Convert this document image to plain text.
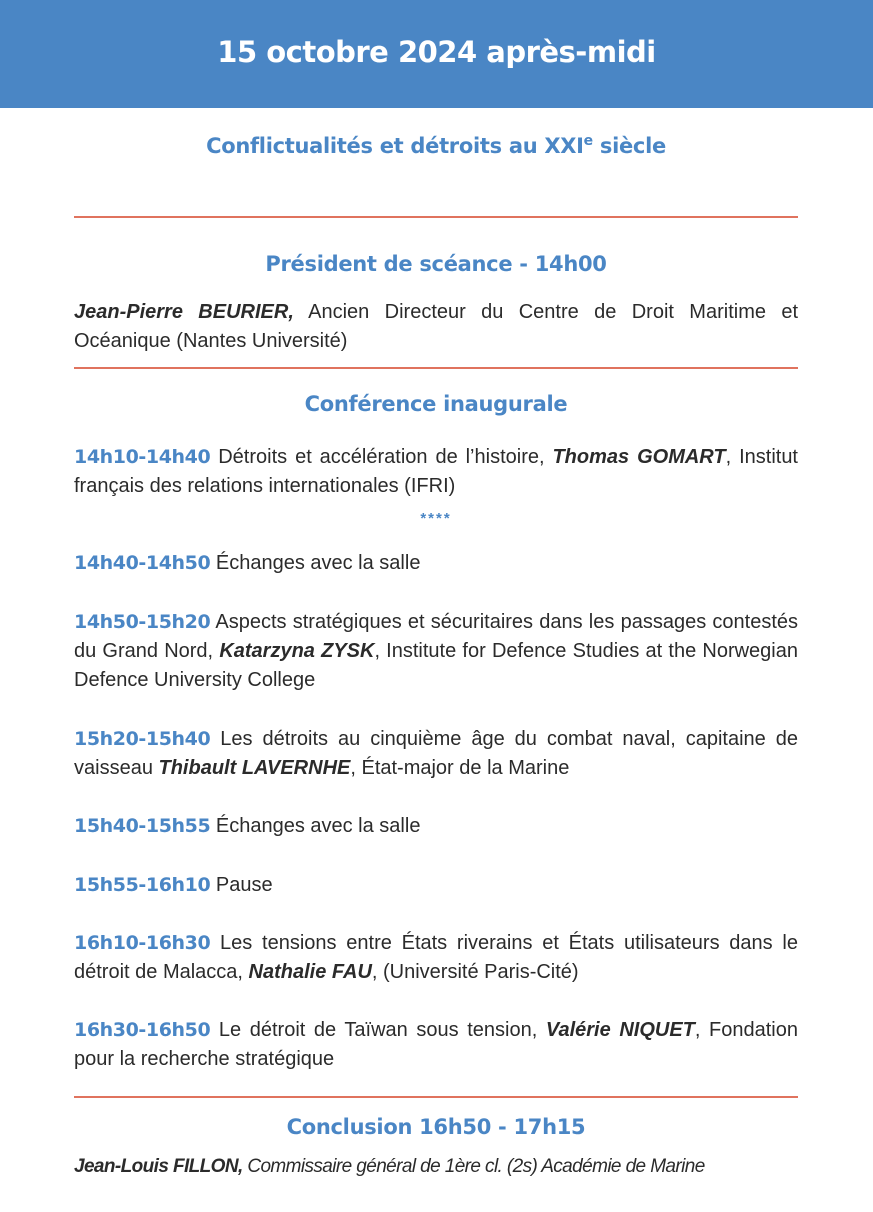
15 octobre 2024 après-midi
Conflictualités et détroits au XXIe siècle
Président de scéance - 14h00
Jean-Pierre BEURIER, Ancien Directeur du Centre de Droit Maritime et Océanique (Nantes Université)
Conférence inaugurale
14h10-14h40 Détroits et accélération de l’histoire, Thomas GOMART, Institut français des relations internationales (IFRI)
****
14h40-14h50 Échanges avec la salle
14h50-15h20 Aspects stratégiques et sécuritaires dans les passages contestés du Grand Nord, Katarzyna ZYSK, Institute for Defence Studies at the Norwegian Defence University College
15h20-15h40 Les détroits au cinquième âge du combat naval, capitaine de vaisseau Thibault LAVERNHE, État-major de la Marine
15h40-15h55 Échanges avec la salle
15h55-16h10 Pause
16h10-16h30 Les tensions entre États riverains et États utilisateurs dans le détroit de Malacca, Nathalie FAU, (Université Paris-Cité)
16h30-16h50 Le détroit de Taïwan sous tension, Valérie NIQUET, Fondation pour la recherche stratégique
Conclusion 16h50 - 17h15
Jean-Louis FILLON, Commissaire général de 1ère cl. (2s) Académie de Marine
